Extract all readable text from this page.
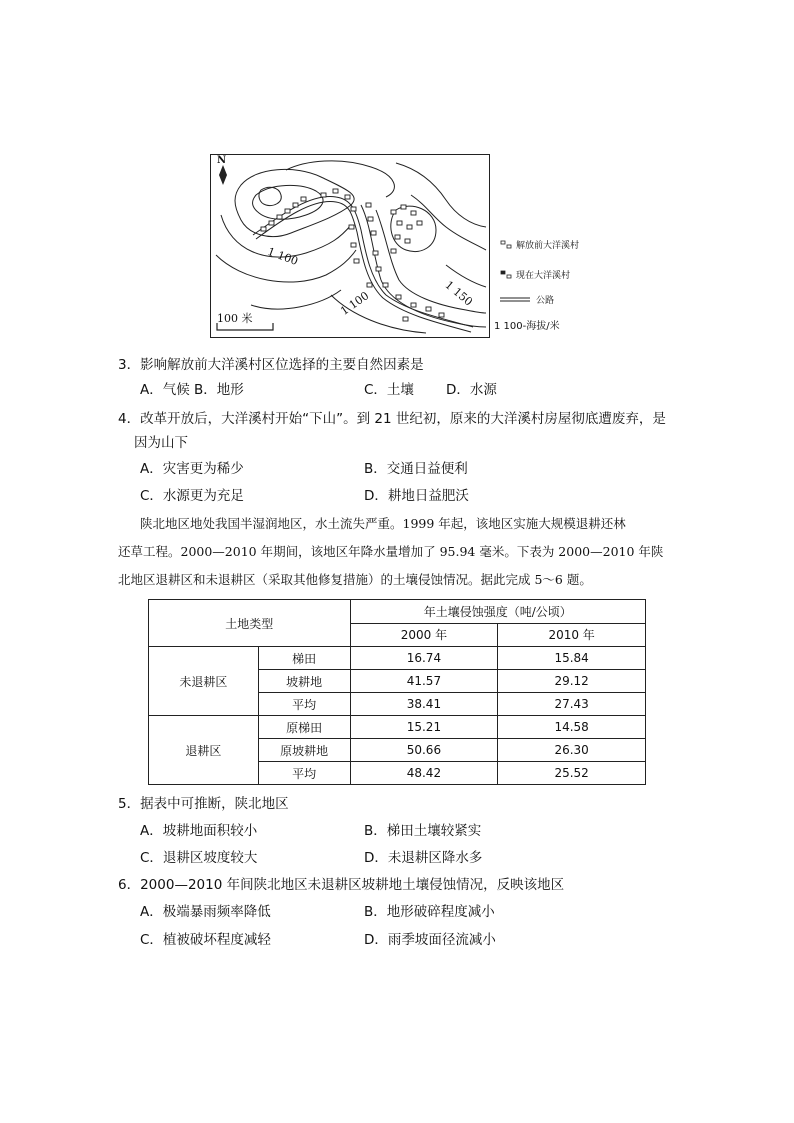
N
1 100
1 100	1 150
100 米
解放前大洋溪村
现在大洋溪村
公路
1 100-海拔/米
3．影响解放前大洋溪村区位选择的主要自然因素是
A．气候 B．地形	C．土壤 D．水源
4．改革开放后，大洋溪村开始“下山”。到 21 世纪初，原来的大洋溪村房屋彻底遭废弃，是
因为山下
A．灾害更为稀少	B．交通日益便利
C．水源更为充足	D．耕地日益肥沃
陕北地区地处我国半湿润地区，水土流失严重。1999 年起，该地区实施大规模退耕还林
还草工程。2000—2010 年期间，该地区年降水量增加了 95.94 毫米。下表为 2000—2010 年陕
北地区退耕区和未退耕区（采取其他修复措施）的土壤侵蚀情况。据此完成 5～6 题。
土地类型		年土壤侵蚀强度（吨/公顷）	
		2000 年	2010 年
未退耕区	梯田	16.74	15.84
	坡耕地	41.57	29.12
	平均	38.41	27.43
退耕区	原梯田	15.21	14.58
	原坡耕地	50.66	26.30
	平均	48.42	25.52
5．据表中可推断，陕北地区
A．坡耕地面积较小	B．梯田土壤较紧实
C．退耕区坡度较大	D．未退耕区降水多
6．2000—2010 年间陕北地区未退耕区坡耕地土壤侵蚀情况，反映该地区
A．极端暴雨频率降低	B．地形破碎程度减小
C．植被破坏程度减轻	D．雨季坡面径流减小
